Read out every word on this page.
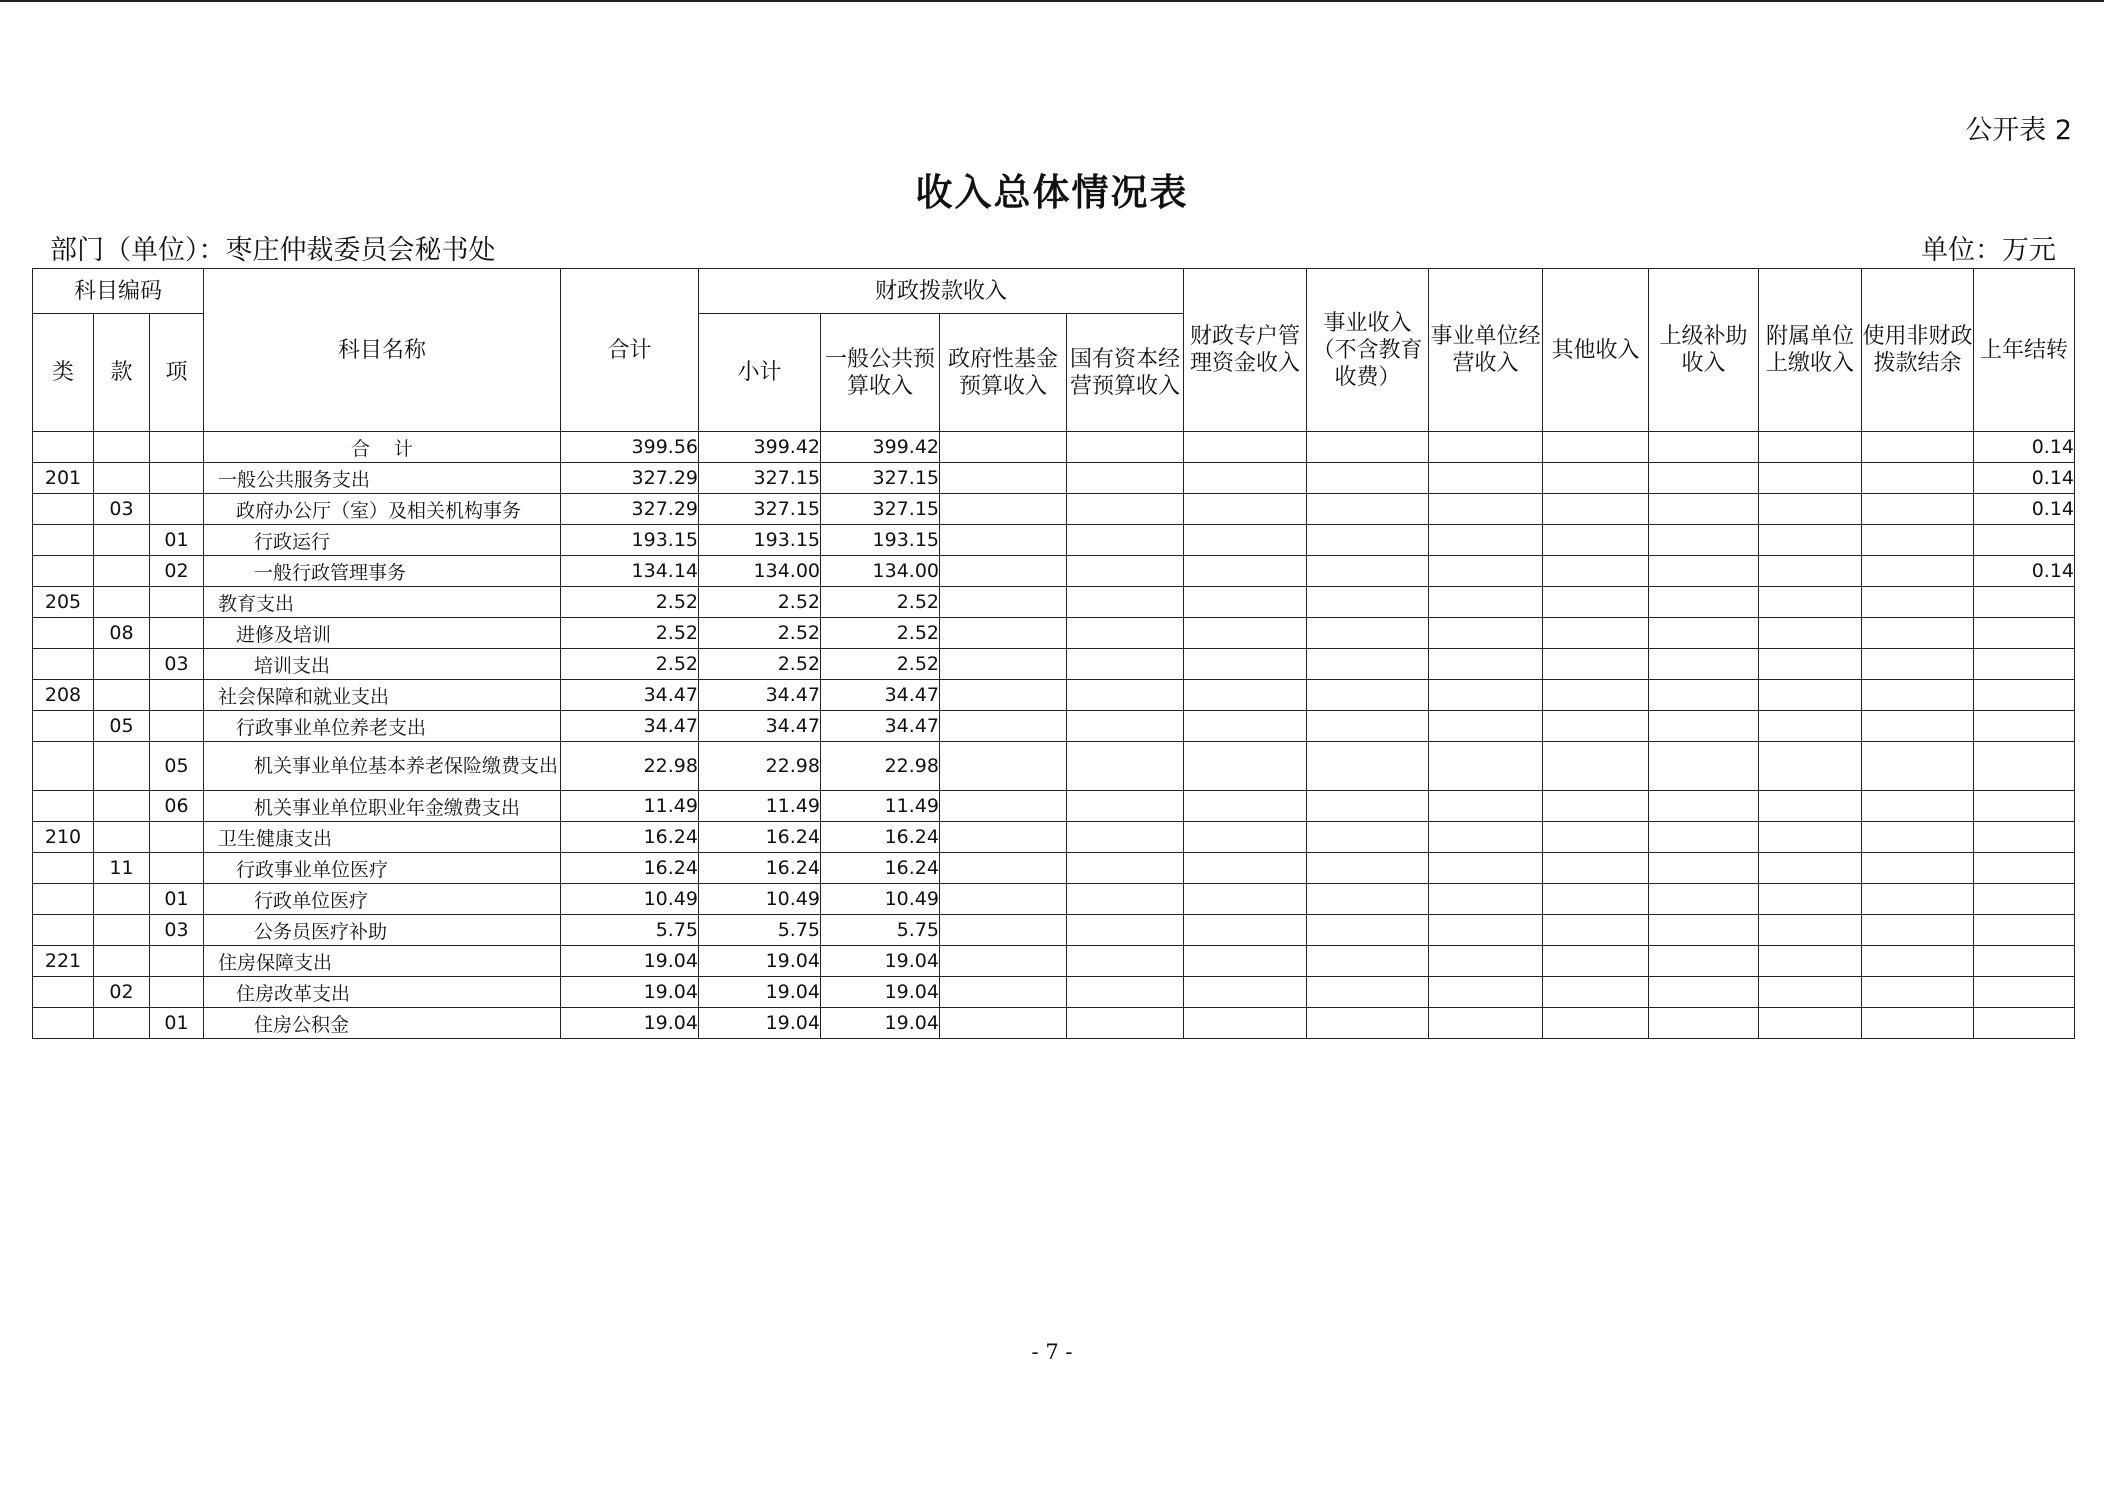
公开表 2
收入总体情况表
部门（单位）：枣庄仲裁委员会秘书处	单位：万元
科目编码			科目名称	合计	财政拨款收入				财政专户管理资金收入	事业收入（不含教育收费）	事业单位经营收入	其他收入	上级补助收入	附属单位上缴收入	使用非财政拨款结余	上年结转
类	款	项			小计	一般公共预算收入	政府性基金预算收入	国有资本经营预算收入								
			合计	399.56	399.42	399.42										0.14
201			一般公共服务支出	327.29	327.15	327.15										0.14
	03		政府办公厅（室）及相关机构事务	327.29	327.15	327.15										0.14
		01	行政运行	193.15	193.15	193.15										
		02	一般行政管理事务	134.14	134.00	134.00										0.14
205			教育支出	2.52	2.52	2.52										
	08		进修及培训	2.52	2.52	2.52										
		03	培训支出	2.52	2.52	2.52										
208			社会保障和就业支出	34.47	34.47	34.47										
	05		行政事业单位养老支出	34.47	34.47	34.47										
		05	机关事业单位基本养老保险缴费支出	22.98	22.98	22.98										
		06	机关事业单位职业年金缴费支出	11.49	11.49	11.49										
210			卫生健康支出	16.24	16.24	16.24										
	11		行政事业单位医疗	16.24	16.24	16.24										
		01	行政单位医疗	10.49	10.49	10.49										
		03	公务员医疗补助	5.75	5.75	5.75										
221			住房保障支出	19.04	19.04	19.04										
	02		住房改革支出	19.04	19.04	19.04										
		01	住房公积金	19.04	19.04	19.04										
- 7 -
